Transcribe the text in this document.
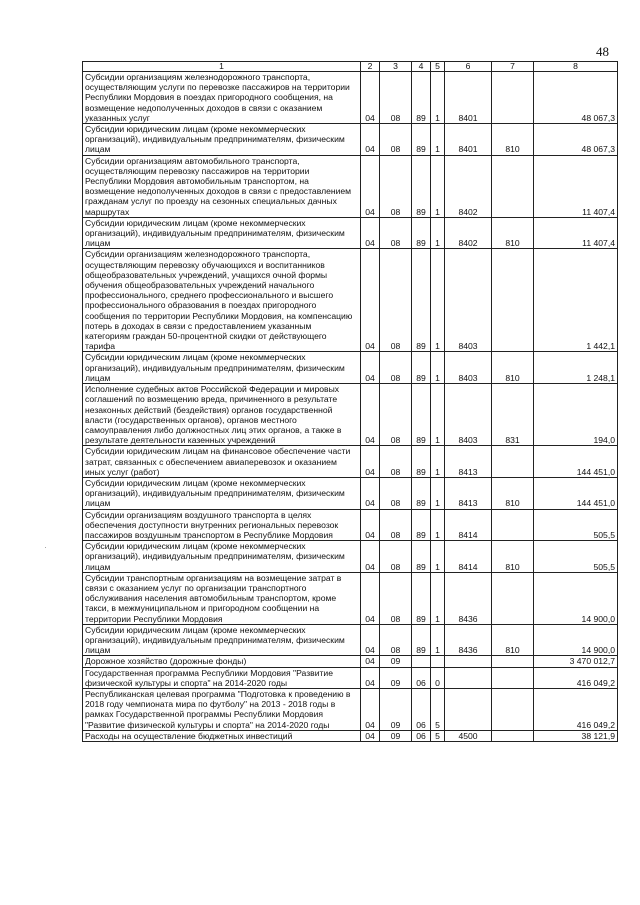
48
1	2	3	4	5	6	7	8
Субсидии организациям железнодорожного транспорта, осуществляющим услуги по перевозке пассажиров на территории Республики Мордовия в поездах пригородного сообщения, на возмещение недополученных доходов в связи с оказанием указанных услуг	04	08	89	1	8401		48 067,3
Субсидии юридическим лицам (кроме некоммерческих организаций), индивидуальным предпринимателям, физическим лицам	04	08	89	1	8401	810	48 067,3
Субсидии организациям автомобильного транспорта, осуществляющим перевозку пассажиров на территории Республики Мордовия автомобильным транспортом, на возмещение недополученных доходов в связи с предоставлением гражданам услуг по проезду на сезонных специальных дачных маршрутах	04	08	89	1	8402		11 407,4
Субсидии юридическим лицам (кроме некоммерческих организаций), индивидуальным предпринимателям, физическим лицам	04	08	89	1	8402	810	11 407,4
Субсидии организациям железнодорожного транспорта, осуществляющим перевозку обучающихся и воспитанников общеобразовательных учреждений, учащихся очной формы обучения общеобразовательных учреждений начального профессионального, среднего профессионального и высшего профессионального образования в поездах пригородного сообщения по территории Республики Мордовия, на компенсацию потерь в доходах в связи с предоставлением указанным категориям граждан 50-процентной скидки от действующего тарифа	04	08	89	1	8403		1 442,1
Субсидии юридическим лицам (кроме некоммерческих организаций), индивидуальным предпринимателям, физическим лицам	04	08	89	1	8403	810	1 248,1
Исполнение судебных актов Российской Федерации и мировых соглашений по возмещению вреда, причиненного в результате незаконных действий (бездействия) органов государственной власти (государственных органов), органов местного самоуправления либо должностных лиц этих органов, а также в результате деятельности казенных учреждений	04	08	89	1	8403	831	194,0
Субсидии юридическим лицам на финансовое обеспечение части затрат, связанных с обеспечением авиаперевозок и оказанием иных услуг (работ)	04	08	89	1	8413		144 451,0
Субсидии юридическим лицам (кроме некоммерческих организаций), индивидуальным предпринимателям, физическим лицам	04	08	89	1	8413	810	144 451,0
Субсидии организациям воздушного транспорта в целях обеспечения доступности внутренних региональных перевозок пассажиров воздушным транспортом в Республике Мордовия	04	08	89	1	8414		505,5
Субсидии юридическим лицам (кроме некоммерческих организаций), индивидуальным предпринимателям, физическим лицам	04	08	89	1	8414	810	505,5
Субсидии транспортным организациям на возмещение затрат в связи с оказанием услуг по организации транспортного обслуживания населения автомобильным транспортом, кроме такси, в межмуниципальном и пригородном сообщении на территории Республики Мордовия	04	08	89	1	8436		14 900,0
Субсидии юридическим лицам (кроме некоммерческих организаций), индивидуальным предпринимателям, физическим лицам	04	08	89	1	8436	810	14 900,0
Дорожное хозяйство (дорожные фонды)	04	09					3 470 012,7
Государственная программа Республики Мордовия "Развитие физической культуры и спорта" на 2014-2020 годы	04	09	06	0			416 049,2
Республиканская целевая программа "Подготовка к проведению в 2018 году чемпионата мира по футболу" на 2013 - 2018 годы в рамках Государственной программы Республики Мордовия "Развитие физической культуры и спорта" на 2014-2020 годы	04	09	06	5			416 049,2
Расходы на осуществление бюджетных инвестиций	04	09	06	5	4500		38 121,9
·
